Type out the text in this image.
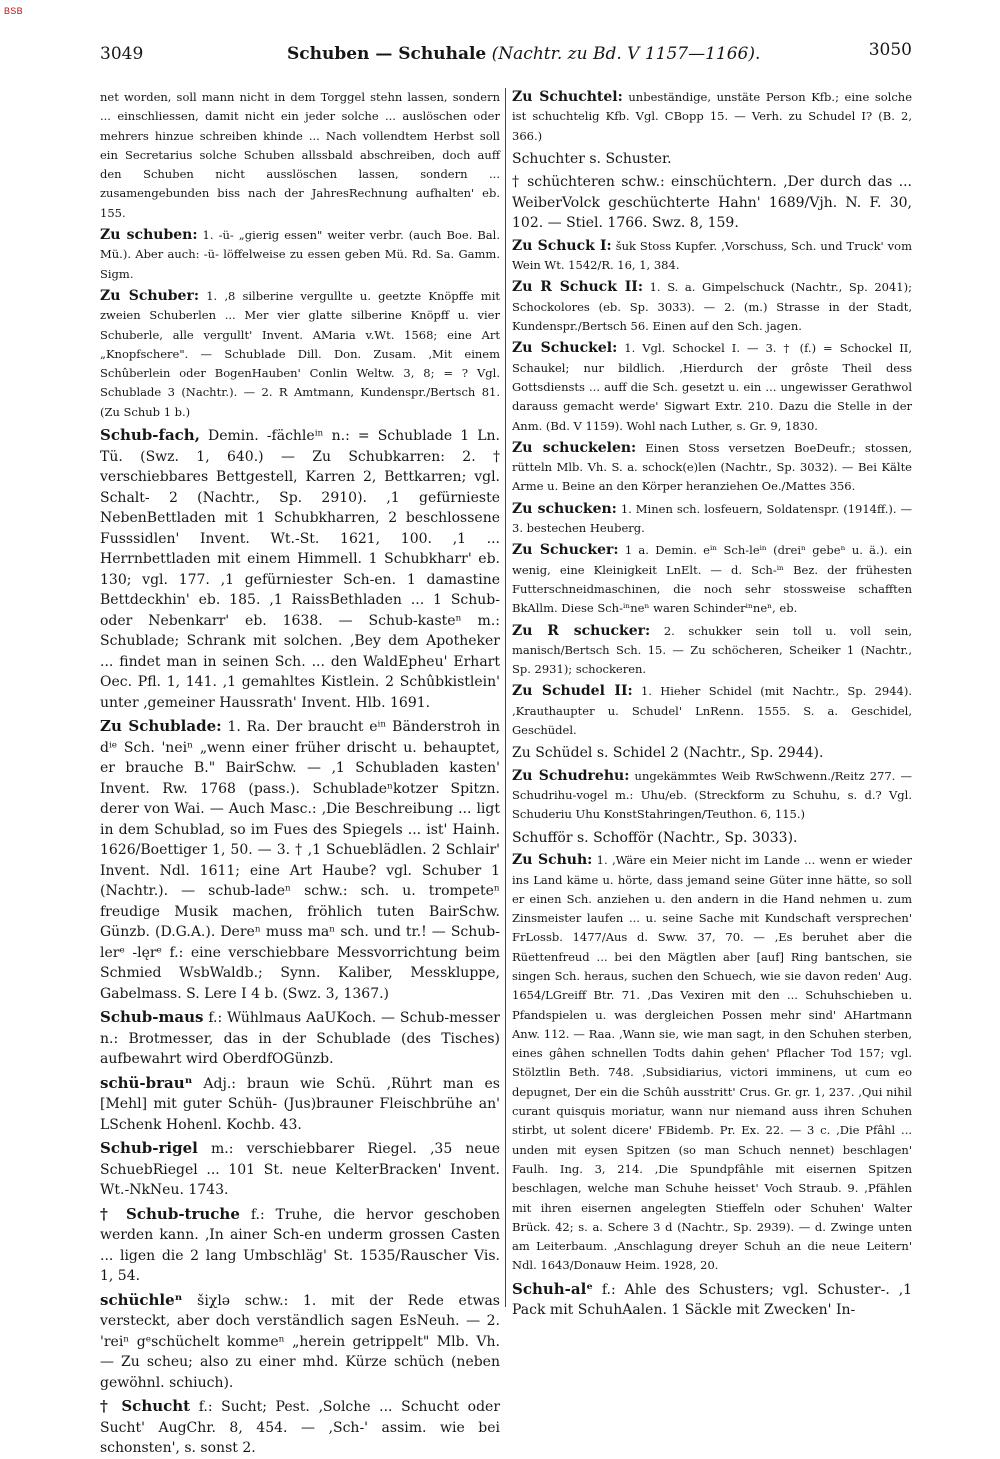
BSB
3049	Schuben — Schuhale (Nachtr. zu Bd. V 1157—1166).	3050

net worden, soll mann nicht in dem Torggel stehn lassen, sondern ... einschliessen, damit nicht ein jeder solche ... auslöschen oder mehrers hinzue schreiben khinde ... Nach vollendtem Herbst soll ein Secretarius solche Schuben allssbald abschreiben, doch auff den Schuben nicht ausslöschen lassen, sondern ... zusamengebunden biss nach der JahresRechnung aufhalten' eb. 155.

Zu schuben: 1. -ü- „gierig essen" weiter verbr. (auch Boe. Bal. Mü.). Aber auch: -ü- löffelweise zu essen geben Mü. Rd. Sa. Gamm. Sigm.

Zu Schuber: 1. ‚8 silberine vergullte u. geetzte Knöpffe mit zweien Schuberlen ... Mer vier glatte silberine Knöpff u. vier Schuberle, alle vergullt' Invent. AMaria v.Wt. 1568; eine Art „Knopfschere". — Schublade Dill. Don. Zusam. ‚Mit einem Schûberlein oder BogenHauben' Conlin Weltw. 3, 8; = ? Vgl. Schublade 3 (Nachtr.). — 2. R Amtmann, Kundenspr./Bertsch 81. (Zu Schub 1 b.)

Schub-fach, Demin. -fächleⁱⁿ n.: = Schublade 1 Ln. Tü. (Swz. 1, 640.) — Zu Schubkarren: 2. † verschiebbares Bettgestell, Karren 2, Bettkarren; vgl. Schalt- 2 (Nachtr., Sp. 2910). ‚1 gefürnieste NebenBettladen mit 1 Schubkharren, 2 beschlossene Fusssidlen' Invent. Wt.-St. 1621, 100. ‚1 ... Herrnbettladen mit einem Himmell. 1 Schubkharr' eb. 130; vgl. 177. ‚1 gefürniester Sch-en. 1 damastine Bettdeckhin' eb. 185. ‚1 RaissBethladen ... 1 Schub- oder Nebenkarr' eb. 1638. — Schub-kasteⁿ m.: Schublade; Schrank mit solchen. ‚Bey dem Apotheker ... findet man in seinen Sch. ... den WaldEpheu' Erhart Oec. Pfl. 1, 141. ‚1 gemahltes Kistlein. 2 Schûbkistlein' unter ‚gemeiner Haussrath' Invent. Hlb. 1691.

Zu Schublade: 1. Ra. Der braucht eⁱⁿ Bänderstroh in dⁱᵉ Sch. 'neiⁿ „wenn einer früher drischt u. behauptet, er brauche B." BairSchw. — ‚1 Schubladen kasten' Invent. Rw. 1768 (pass.). Schubladeⁿkotzer Spitzn. derer von Wai. — Auch Masc.: ‚Die Beschreibung ... ligt in dem Schublad, so im Fues des Spiegels ... ist' Hainh. 1626/Boettiger 1, 50. — 3. † ‚1 Schueblädlen. 2 Schlair' Invent. Ndl. 1611; eine Art Haube? vgl. Schuber 1 (Nachtr.). — schub-ladeⁿ schw.: sch. u. trompeteⁿ freudige Musik machen, fröhlich tuten BairSchw. Günzb. (D.G.A.). Dereⁿ muss maⁿ sch. und tr.! — Schub-lerᵉ -lęrᵉ f.: eine verschiebbare Messvorrichtung beim Schmied WsbWaldb.; Synn. Kaliber, Messkluppe, Gabelmass. S. Lere I 4 b. (Swz. 3, 1367.)

Schub-maus f.: Wühlmaus AaUKoch. — Schub-messer n.: Brotmesser, das in der Schublade (des Tisches) aufbewahrt wird OberdfOGünzb.

schü-brauⁿ Adj.: braun wie Schü. ‚Rührt man es [Mehl] mit guter Schüh- (Jus)brauner Fleischbrühe an' LSchenk Hohenl. Kochb. 43.

Schub-rigel m.: verschiebbarer Riegel. ‚35 neue SchuebRiegel ... 101 St. neue KelterBracken' Invent. Wt.-NkNeu. 1743.

† Schub-truche f.: Truhe, die hervor geschoben werden kann. ‚In ainer Sch-en underm grossen Casten ... ligen die 2 lang Umbschläg' St. 1535/Rauscher Vis. 1, 54.

schüchleⁿ šiχlə schw.: 1. mit der Rede etwas versteckt, aber doch verständlich sagen EsNeuh. — 2. 'reiⁿ gᵉschüchelt kommeⁿ „herein getrippelt" Mlb. Vh. — Zu scheu; also zu einer mhd. Kürze schüch (neben gewöhnl. schiuch).

† Schucht f.: Sucht; Pest. ‚Solche ... Schucht oder Sucht' AugChr. 8, 454. — ‚Sch-' assim. wie bei schonsten', s. sonst 2.

Zu Schuchtel: unbeständige, unstäte Person Kfb.; eine solche ist schuchtelig Kfb. Vgl. CBopp 15. — Verh. zu Schudel I? (B. 2, 366.)

Schuchter s. Schuster.

† schüchteren schw.: einschüchtern. ‚Der durch das ... WeiberVolck geschüchterte Hahn' 1689/Vjh. N. F. 30, 102. — Stiel. 1766. Swz. 8, 159.

Zu Schuck I: šuk Stoss Kupfer. ‚Vorschuss, Sch. und Truck' vom Wein Wt. 1542/R. 16, 1, 384.

Zu R Schuck II: 1. S. a. Gimpelschuck (Nachtr., Sp. 2041); Schockolores (eb. Sp. 3033). — 2. (m.) Strasse in der Stadt, Kundenspr./Bertsch 56. Einen auf den Sch. jagen.

Zu Schuckel: 1. Vgl. Schockel I. — 3. † (f.) = Schockel II, Schaukel; nur bildlich. ‚Hierdurch der grôste Theil dess Gottsdiensts ... auff die Sch. gesetzt u. ein ... ungewisser Gerathwol darauss gemacht werde' Sigwart Extr. 210. Dazu die Stelle in der Anm. (Bd. V 1159). Wohl nach Luther, s. Gr. 9, 1830.

Zu schuckelen: Einen Stoss versetzen BoeDeufr.; stossen, rütteln Mlb. Vh. S. a. schock(e)len (Nachtr., Sp. 3032). — Bei Kälte Arme u. Beine an den Körper heranziehen Oe./Mattes 356.

Zu schucken: 1. Minen sch. losfeuern, Soldatenspr. (1914ff.). — 3. bestechen Heuberg.

Zu Schucker: 1 a. Demin. eⁱⁿ Sch-leⁱⁿ (dreiⁿ gebeⁿ u. ä.). ein wenig, eine Kleinigkeit LnElt. — d. Sch-ⁱⁿ Bez. der frühesten Futterschneidmaschinen, die noch sehr stossweise schafften BkAllm. Diese Sch-ⁱⁿneⁿ waren Schinderⁱⁿneⁿ, eb.

Zu R schucker: 2. schukker sein toll u. voll sein, manisch/Bertsch Sch. 15. — Zu schöcheren, Scheiker 1 (Nachtr., Sp. 2931); schockeren.

Zu Schudel II: 1. Hieher Schidel (mit Nachtr., Sp. 2944). ‚Krauthaupter u. Schudel' LnRenn. 1555. S. a. Geschidel, Geschüdel.

Zu Schüdel s. Schidel 2 (Nachtr., Sp. 2944).

Zu Schudrehu: ungekämmtes Weib RwSchwenn./Reitz 277. — Schudrihu-vogel m.: Uhu/eb. (Streckform zu Schuhu, s. d.? Vgl. Schuderiu Uhu KonstStahringen/Teuthon. 6, 115.)

Schufför s. Schofför (Nachtr., Sp. 3033).

Zu Schuh: 1. ‚Wäre ein Meier nicht im Lande ... wenn er wieder ins Land käme u. hörte, dass jemand seine Güter inne hätte, so soll er einen Sch. anziehen u. den andern in die Hand nehmen u. zum Zinsmeister laufen ... u. seine Sache mit Kundschaft versprechen' FrLossb. 1477/Aus d. Sww. 37, 70. — ‚Es beruhet aber die Rüettenfreud ... bei den Mägtlen aber [auf] Ring bantschen, sie singen Sch. heraus, suchen den Schuech, wie sie davon reden' Aug. 1654/LGreiff Btr. 71. ‚Das Vexiren mit den ... Schuhschieben u. Pfandspielen u. was dergleichen Possen mehr sind' AHartmann Anw. 112. — Raa. ‚Wann sie, wie man sagt, in den Schuhen sterben, eines gâhen schnellen Todts dahin gehen' Pflacher Tod 157; vgl. Stölztlin Beth. 748. ‚Subsidiarius, victori imminens, ut cum eo depugnet, Der ein die Schûh ausstritt' Crus. Gr. gr. 1, 237. ‚Qui nihil curant quisquis moriatur, wann nur niemand auss ihren Schuhen stirbt, ut solent dicere' FBidemb. Pr. Ex. 22. — 3 c. ‚Die Pfâhl ... unden mit eysen Spitzen (so man Schuch nennet) beschlagen' Faulh. Ing. 3, 214. ‚Die Spundpfâhle mit eisernen Spitzen beschlagen, welche man Schuhe heisset' Voch Straub. 9. ‚Pfählen mit ihren eisernen angelegten Stieffeln oder Schuhen' Walter Brück. 42; s. a. Schere 3 d (Nachtr., Sp. 2939). — d. Zwinge unten am Leiterbaum. ‚Anschlagung dreyer Schuh an die neue Leitern' Ndl. 1643/Donauw Heim. 1928, 20.

Schuh-alᵉ f.: Ahle des Schusters; vgl. Schuster-. ‚1 Pack mit SchuhAalen. 1 Säckle mit Zwecken' In-
